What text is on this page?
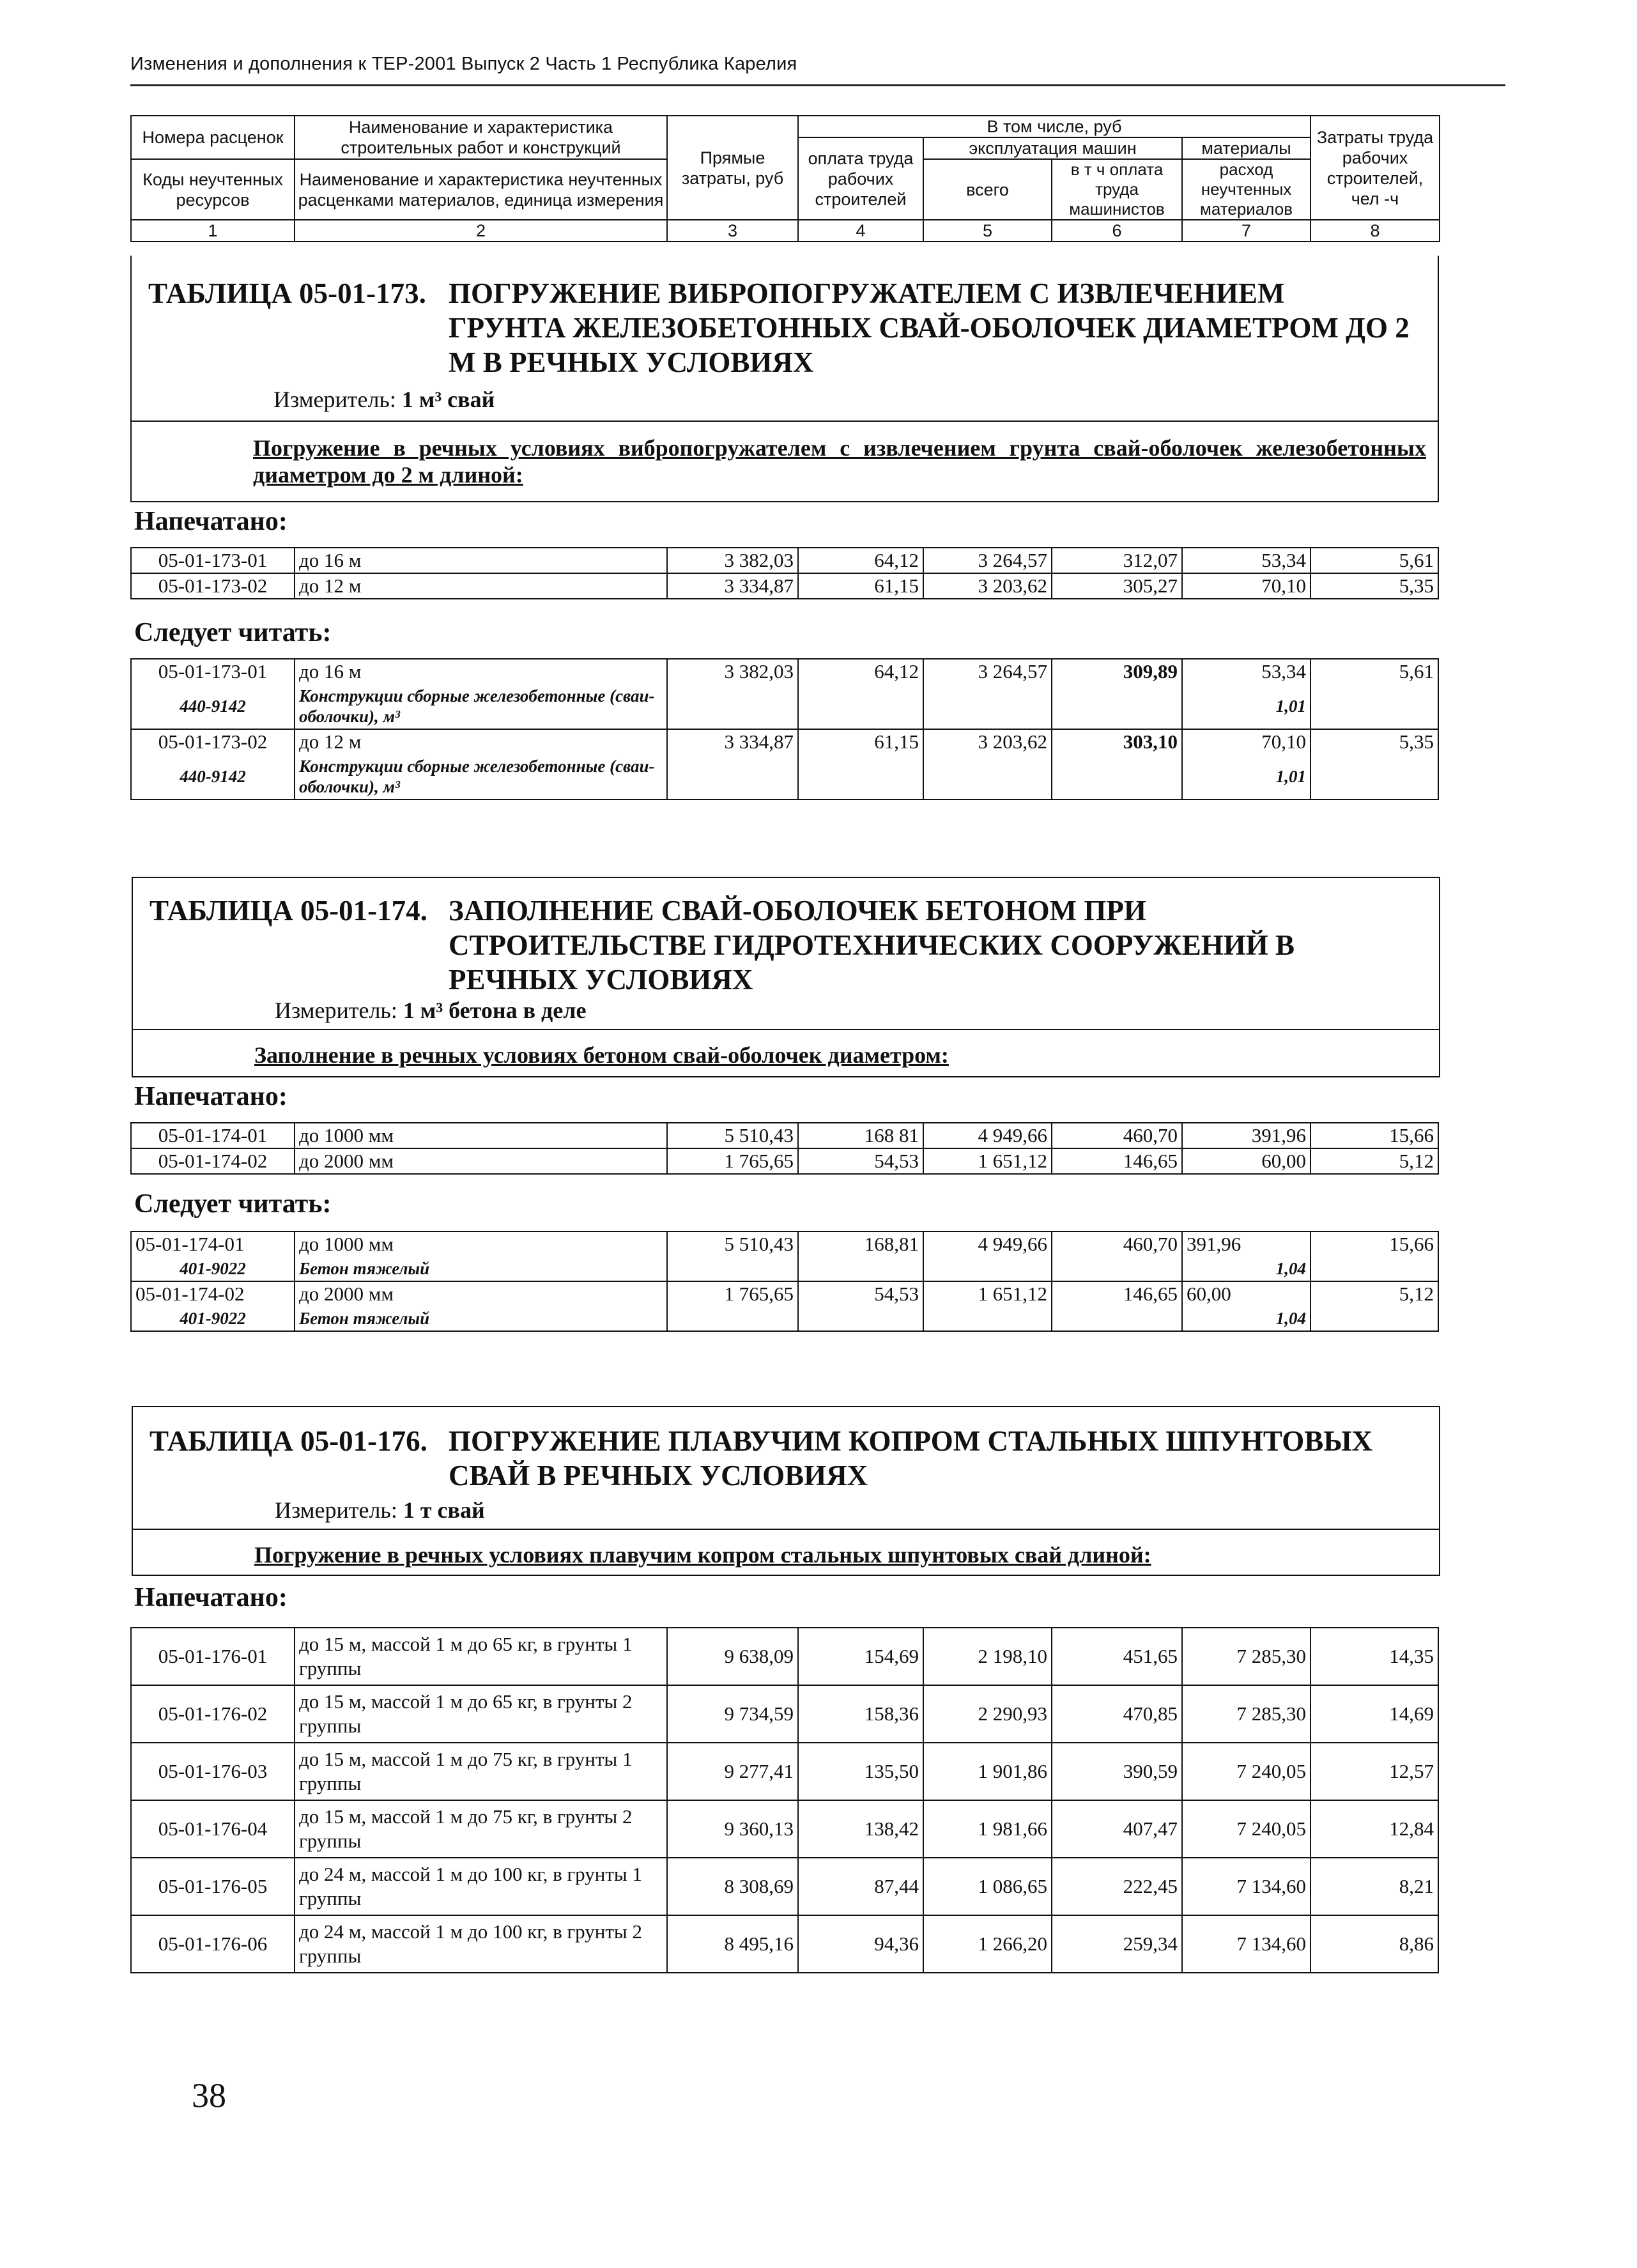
Изменения и дополнения к ТЕР-2001 Выпуск 2 Часть 1 Республика Карелия
Номера расценок	Наименование и характеристика строительных работ и конструкций	Прямые затраты, руб	В том числе, руб				Затраты труда рабочих строителей, чел -ч
			оплата труда рабочих строителей	эксплуатация машин		материалы	
Коды неучтенных ресурсов	Наименование и характеристика неучтенных расценками материалов, единица измерения			всего	в т ч оплата труда машинистов	расход неучтенных материалов	

1	2	3	4	5	6	7	8
ТАБЛИЦА 05-01-173. ПОГРУЖЕНИЕ ВИБРОПОГРУЖАТЕЛЕМ С ИЗВЛЕЧЕНИЕМ
ГРУНТА ЖЕЛЕЗОБЕТОННЫХ СВАЙ-ОБОЛОЧЕК ДИАМЕТРОМ ДО 2
М В РЕЧНЫХ УСЛОВИЯХ
Измеритель: 1 м³ свай
Погружение в речных условиях вибропогружателем с извлечением грунта свай-оболочек железобетонных диаметром до 2 м длиной:
Напечатано:
05-01-173-01	до 16 м	3 382,03	64,12	3 264,57	312,07	53,34	5,61
05-01-173-02	до 12 м	3 334,87	61,15	3 203,62	305,27	70,10	5,35
Следует читать:
05-01-173-01	до 16 м	3 382,03	64,12	3 264,57	309,89	53,34	5,61
440-9142	Конструкции сборные железобетонные (сваи-оболочки), м³					1,01	
05-01-173-02	до 12 м	3 334,87	61,15	3 203,62	303,10	70,10	5,35
440-9142	Конструкции сборные железобетонные (сваи-оболочки), м³					1,01	
ТАБЛИЦА 05-01-174. ЗАПОЛНЕНИЕ СВАЙ-ОБОЛОЧЕК БЕТОНОМ ПРИ
СТРОИТЕЛЬСТВЕ ГИДРОТЕХНИЧЕСКИХ СООРУЖЕНИЙ В
РЕЧНЫХ УСЛОВИЯХ
Измеритель: 1 м³ бетона в деле
Заполнение в речных условиях бетоном свай-оболочек диаметром:
Напечатано:
05-01-174-01	до 1000 мм	5 510,43	168 81	4 949,66	460,70	391,96	15,66
05-01-174-02	до 2000 мм	1 765,65	54,53	1 651,12	146,65	60,00	5,12
Следует читать:
05-01-174-01	до 1000 мм	5 510,43	168,81	4 949,66	460,70	391,96	15,66
401-9022	Бетон тяжелый					1,04	
05-01-174-02	до 2000 мм	1 765,65	54,53	1 651,12	146,65	60,00	5,12
401-9022	Бетон тяжелый					1,04	
ТАБЛИЦА 05-01-176. ПОГРУЖЕНИЕ ПЛАВУЧИМ КОПРОМ СТАЛЬНЫХ ШПУНТОВЫХ
СВАЙ В РЕЧНЫХ УСЛОВИЯХ
Измеритель: 1 т свай
Погружение в речных условиях плавучим копром стальных шпунтовых свай длиной:
Напечатано:
05-01-176-01	до 15 м, массой 1 м до 65 кг, в грунты 1 группы	9 638,09	154,69	2 198,10	451,65	7 285,30	14,35
05-01-176-02	до 15 м, массой 1 м до 65 кг, в грунты 2 группы	9 734,59	158,36	2 290,93	470,85	7 285,30	14,69
05-01-176-03	до 15 м, массой 1 м до 75 кг, в грунты 1 группы	9 277,41	135,50	1 901,86	390,59	7 240,05	12,57
05-01-176-04	до 15 м, массой 1 м до 75 кг, в грунты 2 группы	9 360,13	138,42	1 981,66	407,47	7 240,05	12,84
05-01-176-05	до 24 м, массой 1 м до 100 кг, в грунты 1 группы	8 308,69	87,44	1 086,65	222,45	7 134,60	8,21
05-01-176-06	до 24 м, массой 1 м до 100 кг, в грунты 2 группы	8 495,16	94,36	1 266,20	259,34	7 134,60	8,86
38
